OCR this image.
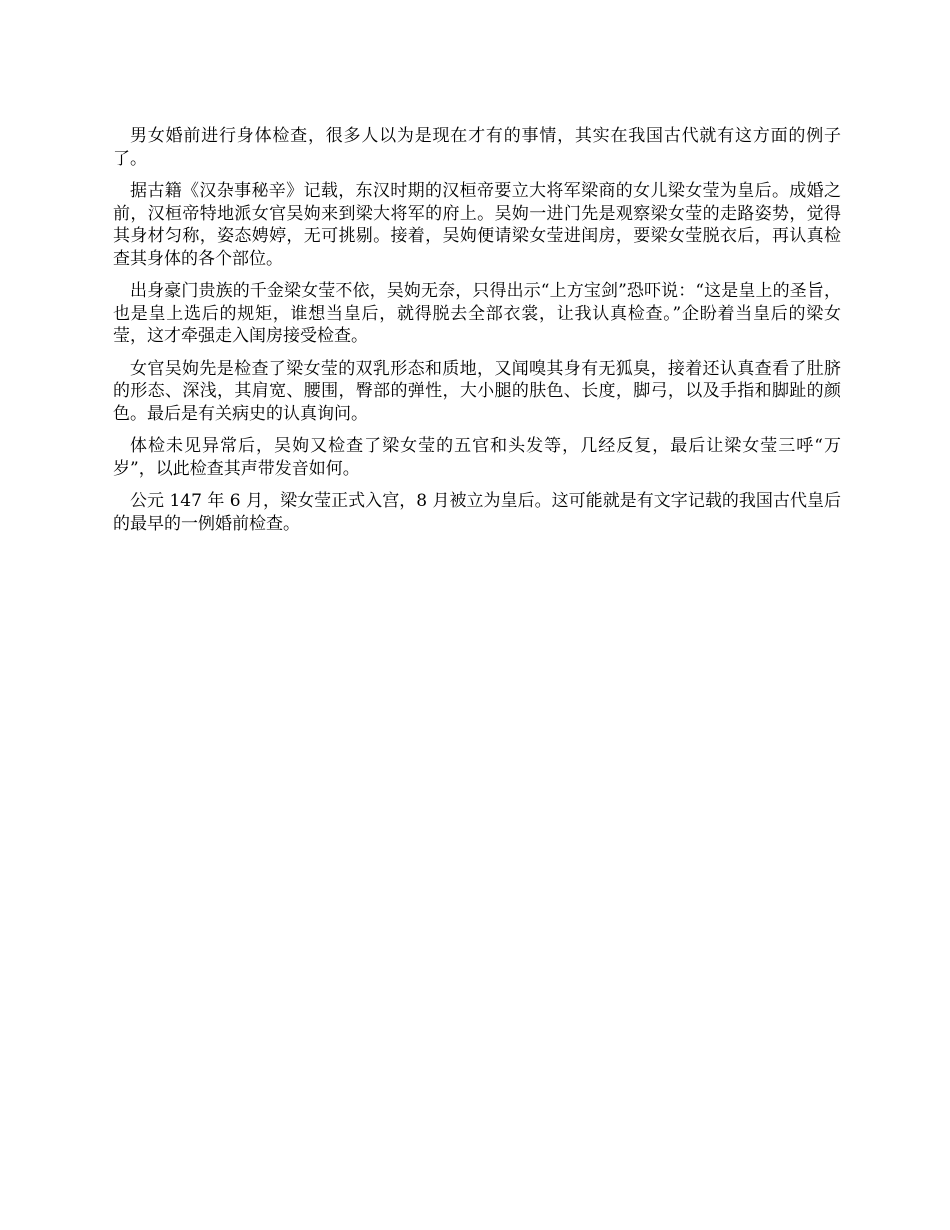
男女婚前进行身体检查，很多人以为是现在才有的事情，其实在我国古代就有这方面的例子了。

据古籍《汉杂事秘辛》记载，东汉时期的汉桓帝要立大将军梁商的女儿梁女莹为皇后。成婚之前，汉桓帝特地派女官吴姁来到梁大将军的府上。吴姁一进门先是观察梁女莹的走路姿势，觉得其身材匀称，姿态娉婷，无可挑剔。接着，吴姁便请梁女莹进闺房，要梁女莹脱衣后，再认真检查其身体的各个部位。

出身豪门贵族的千金梁女莹不依，吴姁无奈，只得出示“上方宝剑”恐吓说：“这是皇上的圣旨，也是皇上选后的规矩，谁想当皇后，就得脱去全部衣裳，让我认真检查。”企盼着当皇后的梁女莹，这才牵强走入闺房接受检查。

女官吴姁先是检查了梁女莹的双乳形态和质地，又闻嗅其身有无狐臭，接着还认真查看了肚脐的形态、深浅，其肩宽、腰围，臀部的弹性，大小腿的肤色、长度，脚弓，以及手指和脚趾的颜色。最后是有关病史的认真询问。

体检未见异常后，吴姁又检查了梁女莹的五官和头发等，几经反复，最后让梁女莹三呼“万岁”，以此检查其声带发音如何。

公元 147 年 6 月，梁女莹正式入宫，8 月被立为皇后。这可能就是有文字记载的我国古代皇后的最早的一例婚前检查。
